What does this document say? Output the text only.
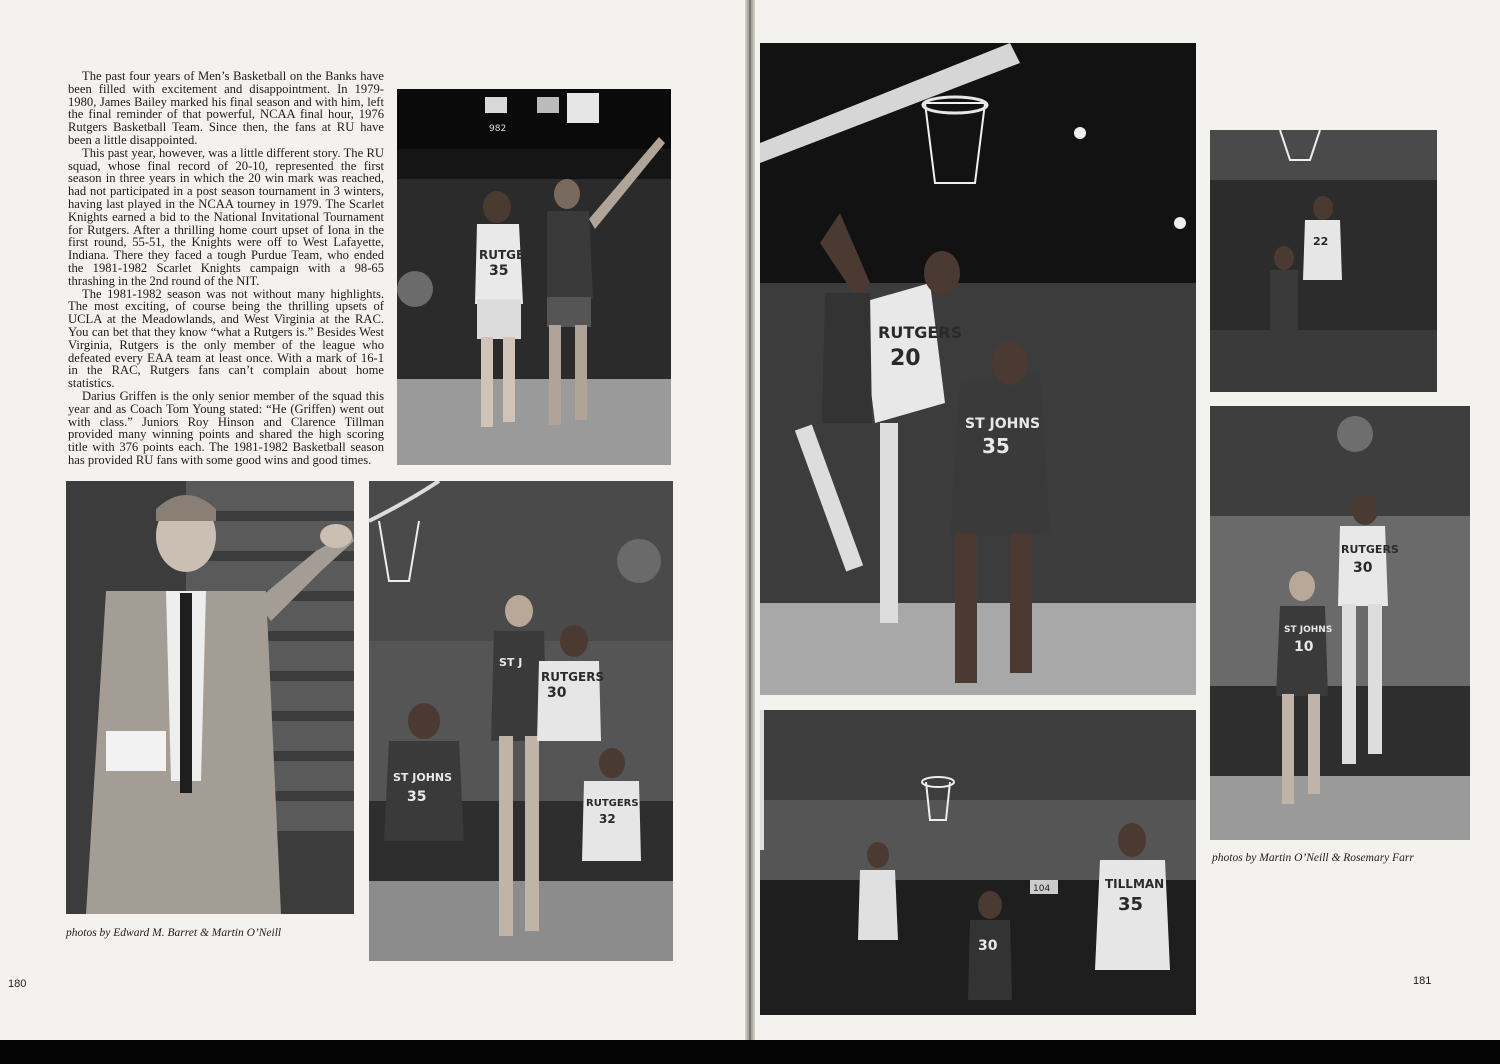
The past four years of Men’s Basketball on the Banks have been filled with excitement and disappointment. In 1979-1980, James Bailey marked his final season and with him, left the final reminder of that powerful, NCAA final hour, 1976 Rutgers Basketball Team. Since then, the fans at RU have been a little disappointed.

This past year, however, was a little different story. The RU squad, whose final record of 20-10, represented the first season in three years in which the 20 win mark was reached, had not participated in a post season tournament in 3 winters, having last played in the NCAA tourney in 1979. The Scarlet Knights earned a bid to the National Invitational Tournament for Rutgers. After a thrilling home court upset of Iona in the first round, 55-51, the Knights were off to West Lafayette, Indiana. There they faced a tough Purdue Team, who ended the 1981-1982 Scarlet Knights campaign with a 98-65 thrashing in the 2nd round of the NIT.

The 1981-1982 season was not without many highlights. The most exciting, of course being the thrilling upsets of UCLA at the Meadowlands, and West Virginia at the RAC. You can bet that they know “what a Rutgers is.” Besides West Virginia, Rutgers is the only member of the league who defeated every EAA team at least once. With a mark of 16-1 in the RAC, Rutgers fans can’t complain about home statistics.

Darius Griffen is the only senior member of the squad this year and as Coach Tom Young stated: “He (Griffen) went out with class.” Juniors Roy Hinson and Clarence Tillman provided many winning points and shared the high scoring title with 376 points each. The 1981-1982 Basketball season has provided RU fans with some good wins and good times.

982
RUTGERS
35
ST J
RUTGERS
30
ST JOHNS
35	RUTGERS
32
photos by Edward M. Barret & Martin O’Neill
180
RUTGERS
20
ST JOHNS
35
104	TILLMAN
35
30
22
RUTGERS
30
ST JOHNS
10
photos by Martin O’Neill & Rosemary Farr
181
